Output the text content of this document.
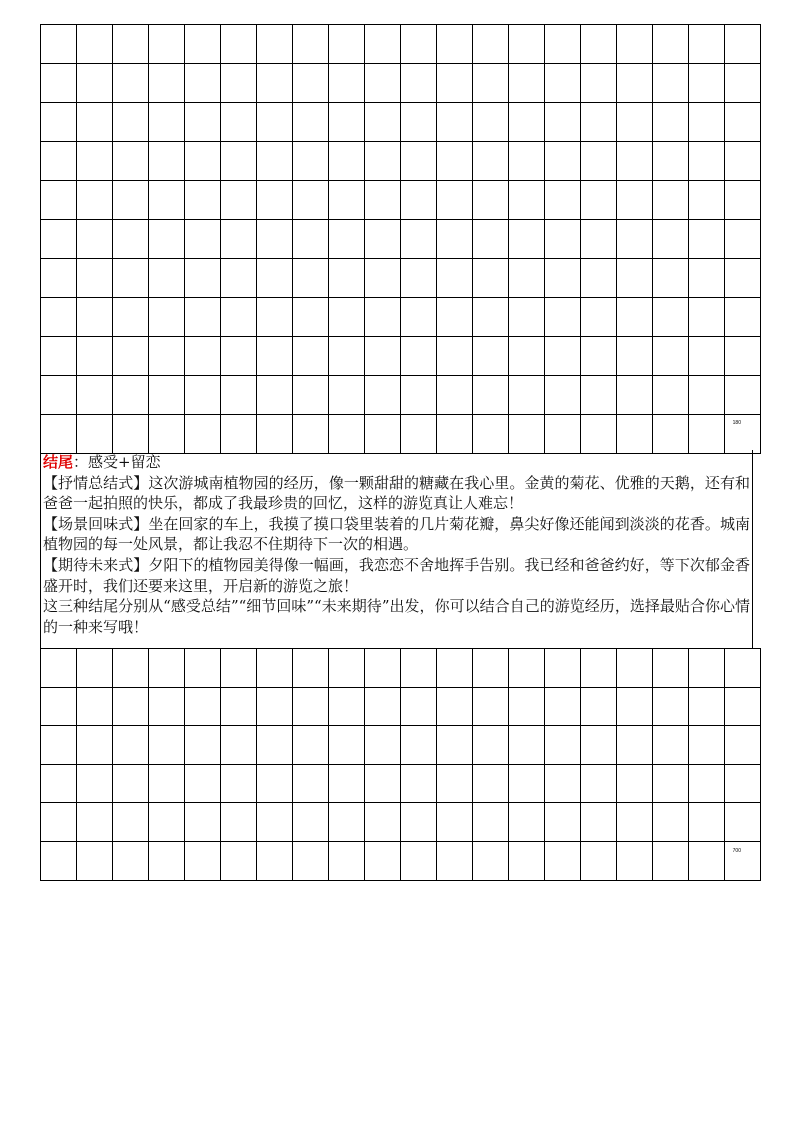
																			180

结尾：感受+留恋

【抒情总结式】这次游城南植物园的经历，像一颗甜甜的糖藏在我心里。金黄的菊花、优雅的天鹅，还有和爸爸一起拍照的快乐，都成了我最珍贵的回忆，这样的游览真让人难忘！

【场景回味式】坐在回家的车上，我摸了摸口袋里装着的几片菊花瓣，鼻尖好像还能闻到淡淡的花香。城南植物园的每一处风景，都让我忍不住期待下一次的相遇。

【期待未来式】夕阳下的植物园美得像一幅画，我恋恋不舍地挥手告别。我已经和爸爸约好，等下次郁金香盛开时，我们还要来这里，开启新的游览之旅！

这三种结尾分别从“感受总结”“细节回味”“未来期待”出发，你可以结合自己的游览经历，选择最贴合你心情的一种来写哦！

																			700
